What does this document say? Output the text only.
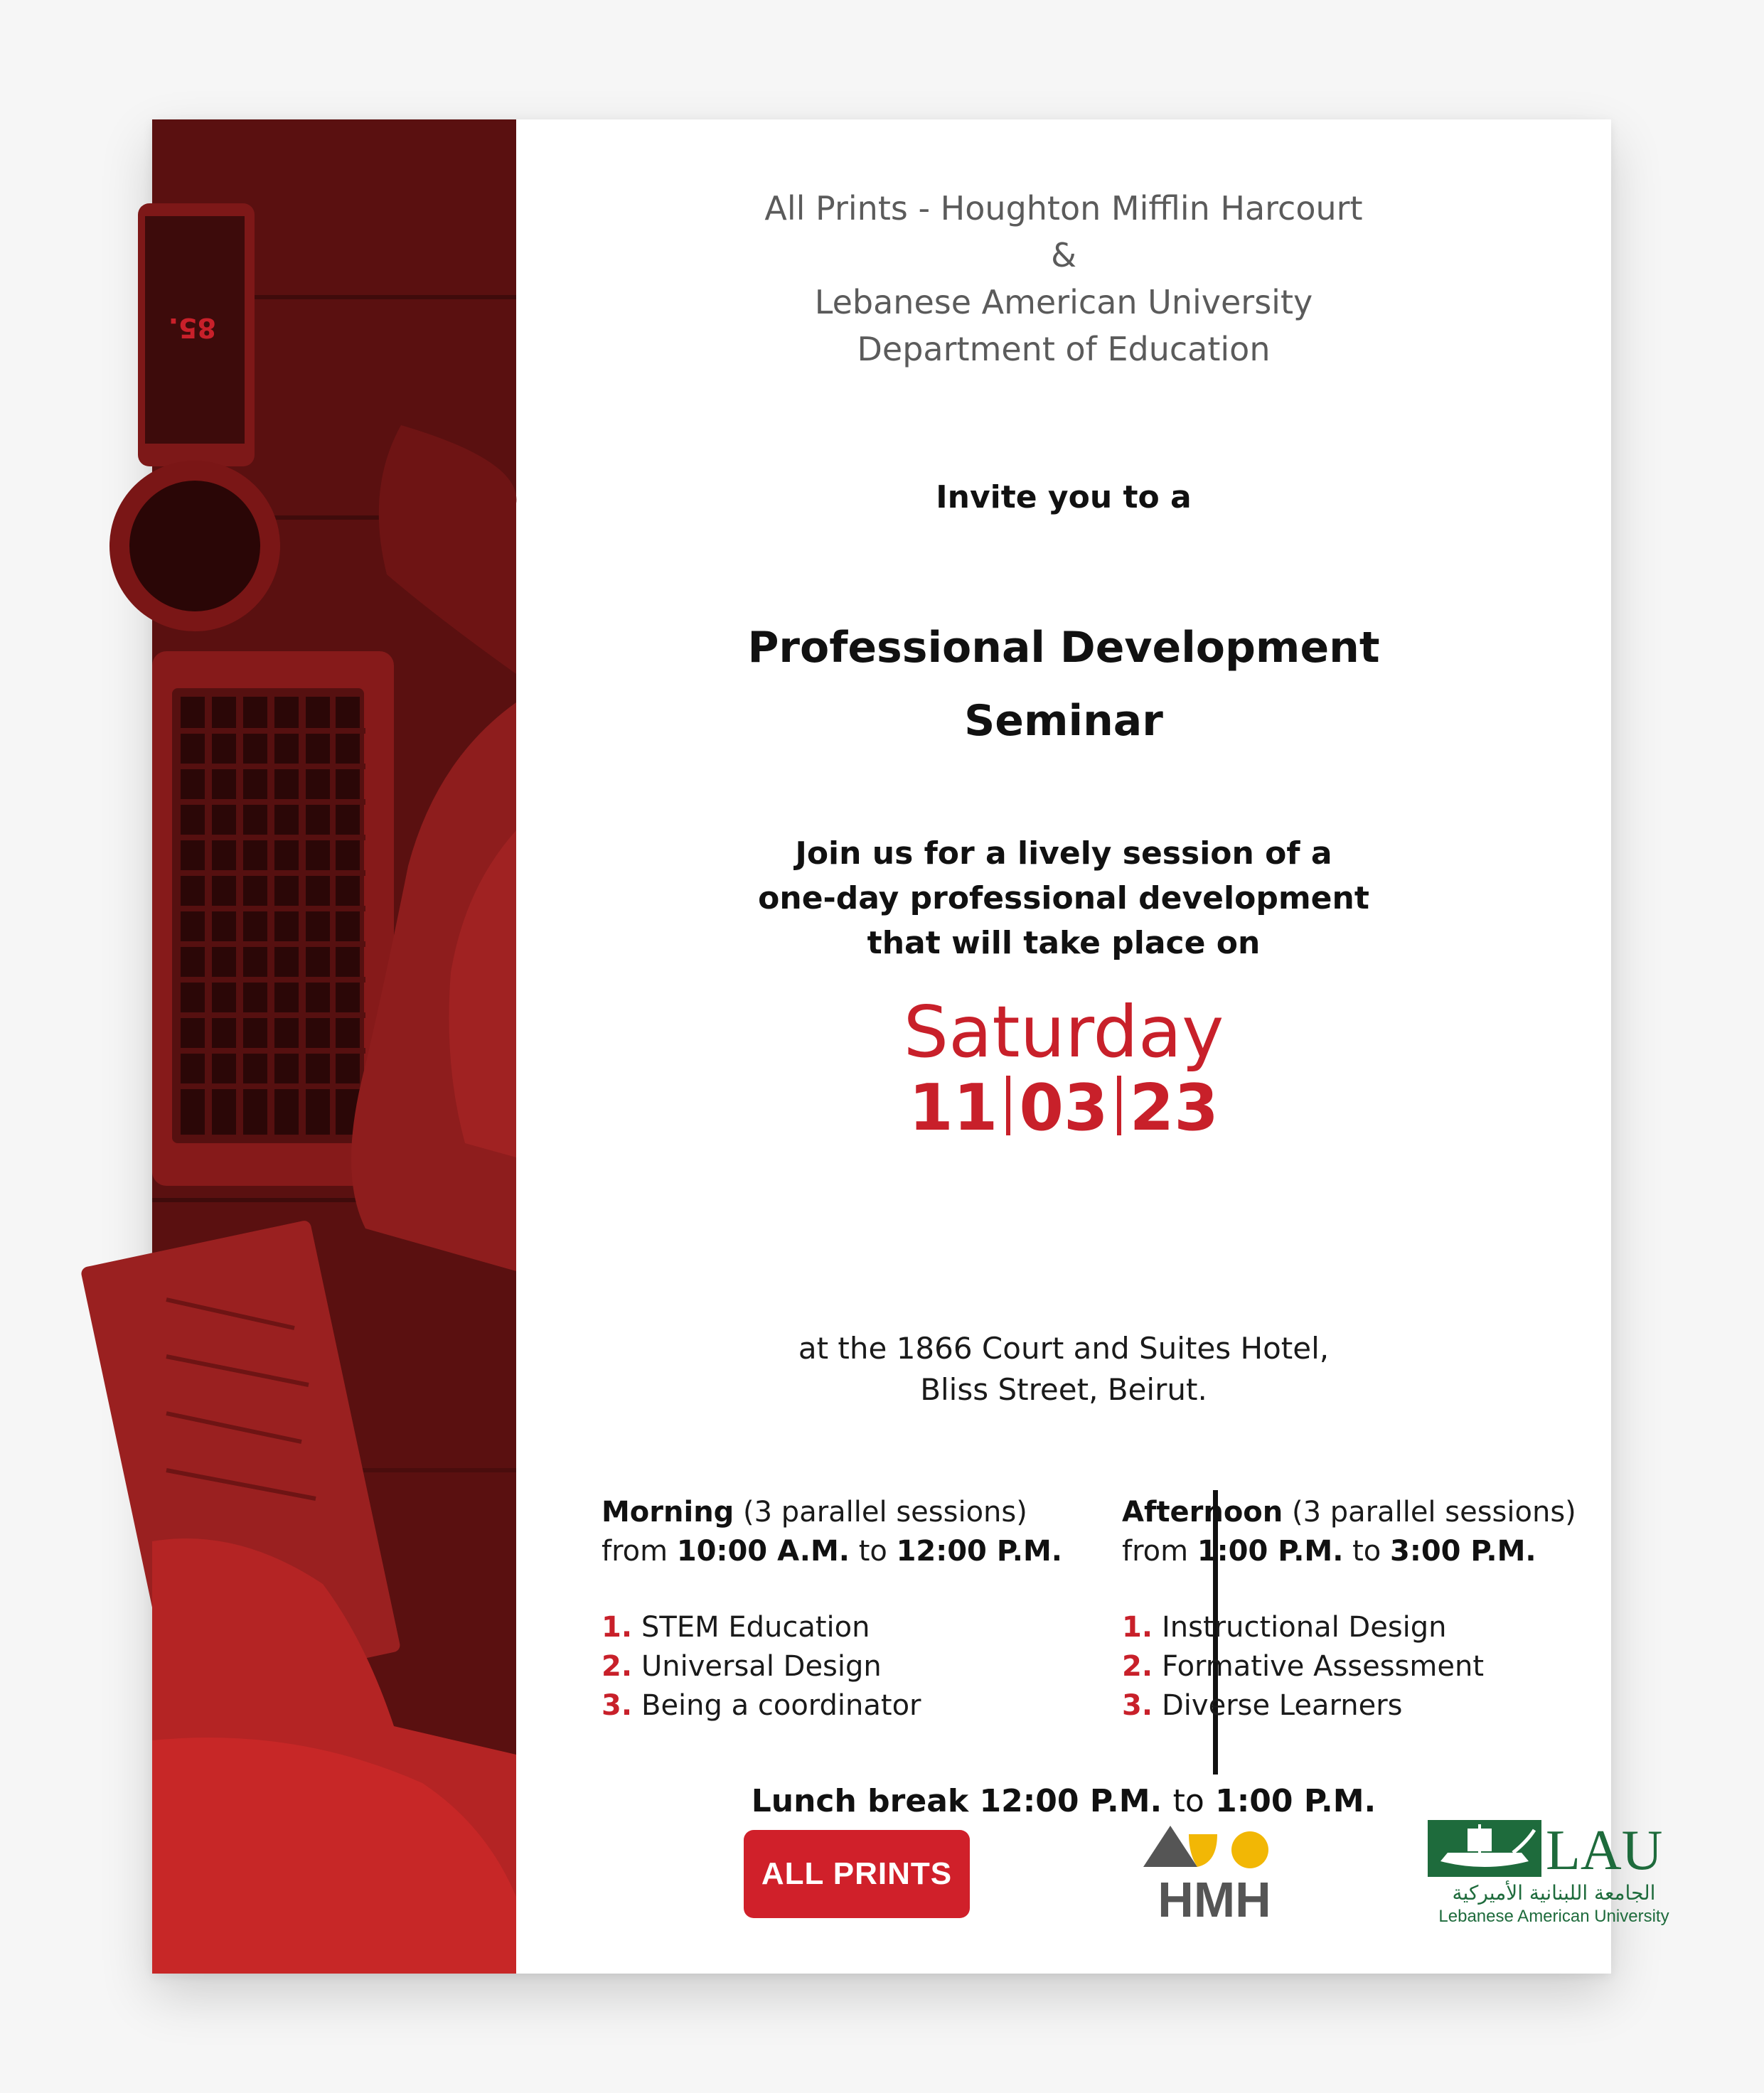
85.
All Prints - Houghton Mifflin Harcourt
&
Lebanese American University
Department of Education
Invite you to a
Professional Development
Seminar
Join us for a lively session of a
one-day professional development
that will take place on
Saturday
11 03 23
at the 1866 Court and Suites Hotel,
Bliss Street, Beirut.
Morning (3 parallel sessions)
from 10:00 A.M. to 12:00 P.M.
1. STEM Education
2. Universal Design
3. Being a coordinator
Afternoon (3 parallel sessions)
from 1:00 P.M. to 3:00 P.M.
1. Instructional Design
2. Formative Assessment
3. Diverse Learners
Lunch break 12:00 P.M. to 1:00 P.M.
ALL PRINTS	HMH
LAU
الجامعة اللبنانية الأميركية
Lebanese American University
